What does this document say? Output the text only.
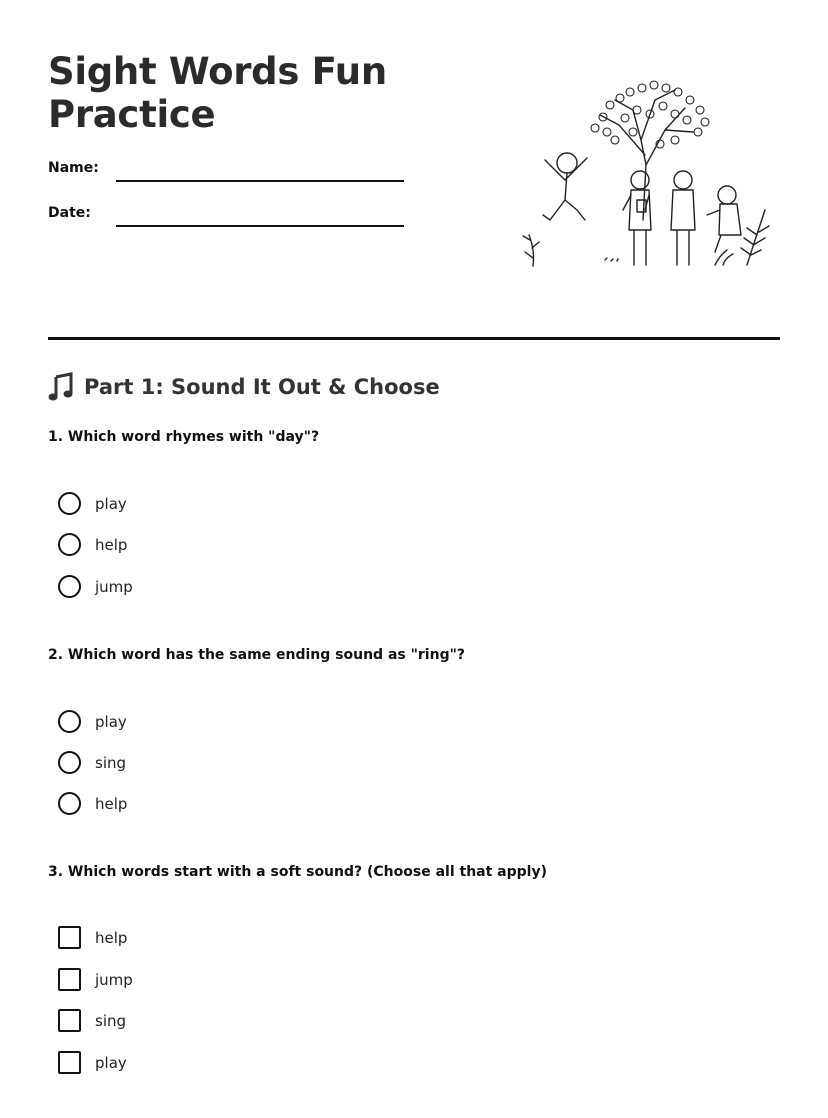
Sight Words Fun Practice
Name:
Date:
Part 1: Sound It Out & Choose
1. Which word rhymes with "day"?
play
help
jump
2. Which word has the same ending sound as "ring"?
play
sing
help
3. Which words start with a soft sound? (Choose all that apply)
help
jump
sing
play
